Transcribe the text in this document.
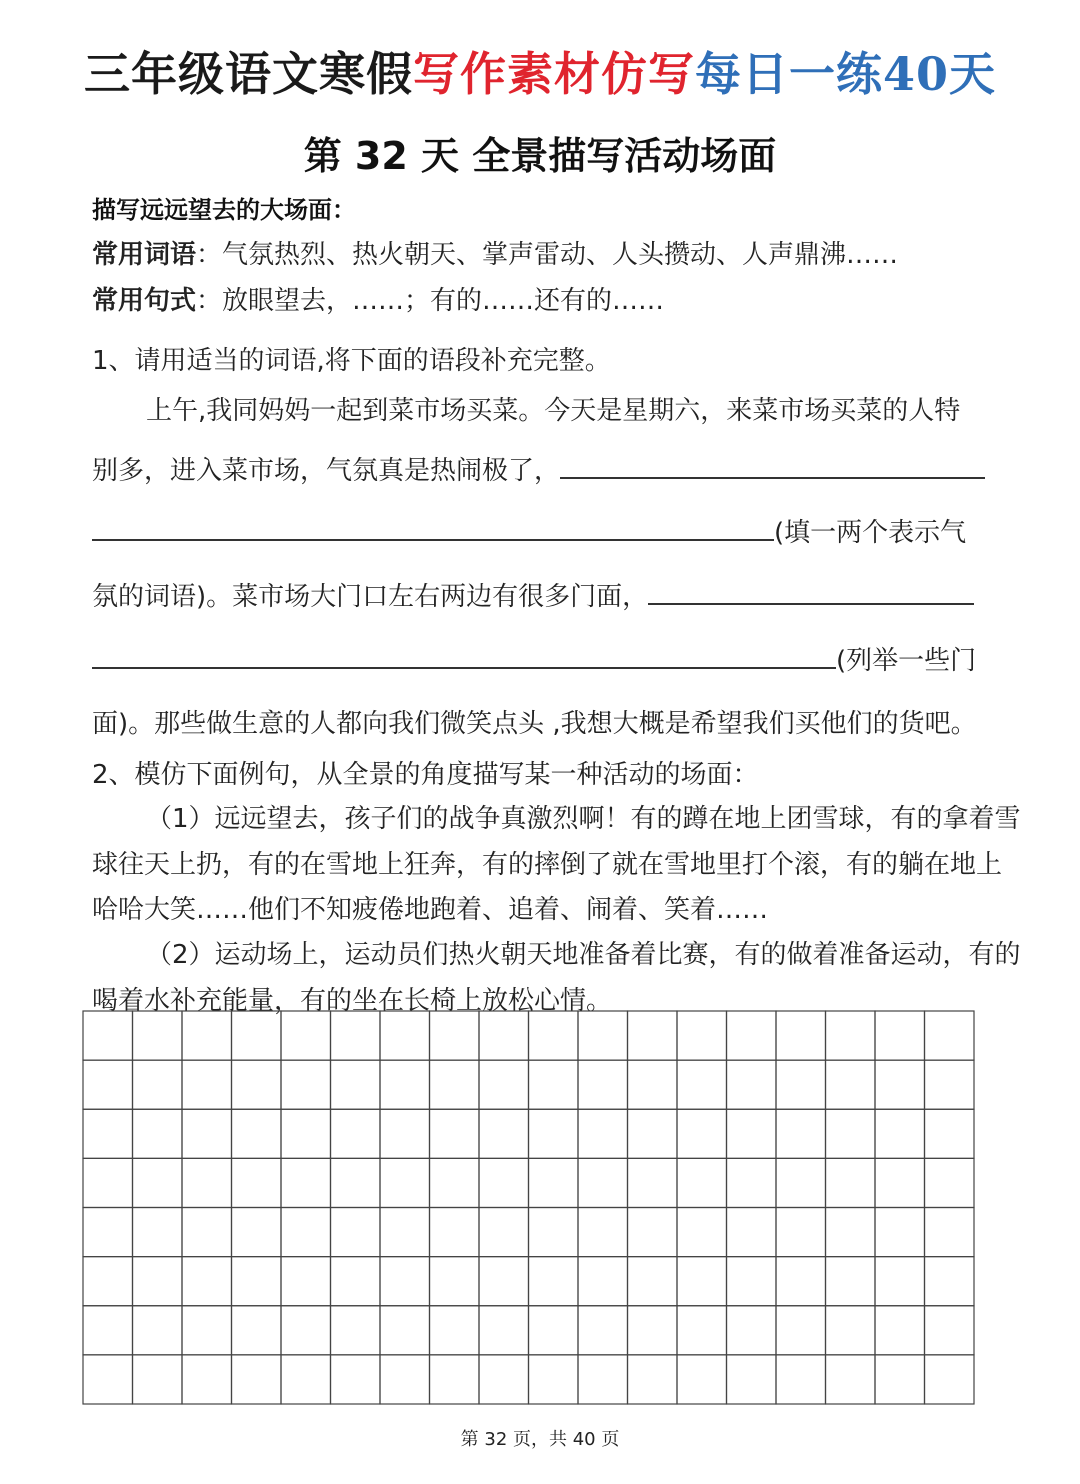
三年级语文寒假写作素材仿写每日一练40天
第 32 天 全景描写活动场面
描写远远望去的大场面：
常用词语：气氛热烈、热火朝天、掌声雷动、人头攒动、人声鼎沸……
常用句式：放眼望去，……；有的……还有的……
1、请用适当的词语,将下面的语段补充完整。
上午,我同妈妈一起到菜市场买菜。今天是星期六，来菜市场买菜的人特
别多，进入菜市场，气氛真是热闹极了，
(填一两个表示气
氛的词语)。菜市场大门口左右两边有很多门面，
(列举一些门
面)。那些做生意的人都向我们微笑点头 ,我想大概是希望我们买他们的货吧。
2、模仿下面例句，从全景的角度描写某一种活动的场面：
（1）远远望去，孩子们的战争真激烈啊！有的蹲在地上团雪球，有的拿着雪
球往天上扔，有的在雪地上狂奔，有的摔倒了就在雪地里打个滚，有的躺在地上
哈哈大笑……他们不知疲倦地跑着、追着、闹着、笑着……
（2）运动场上，运动员们热火朝天地准备着比赛，有的做着准备运动，有的
喝着水补充能量，有的坐在长椅上放松心情。
第 32 页，共 40 页
